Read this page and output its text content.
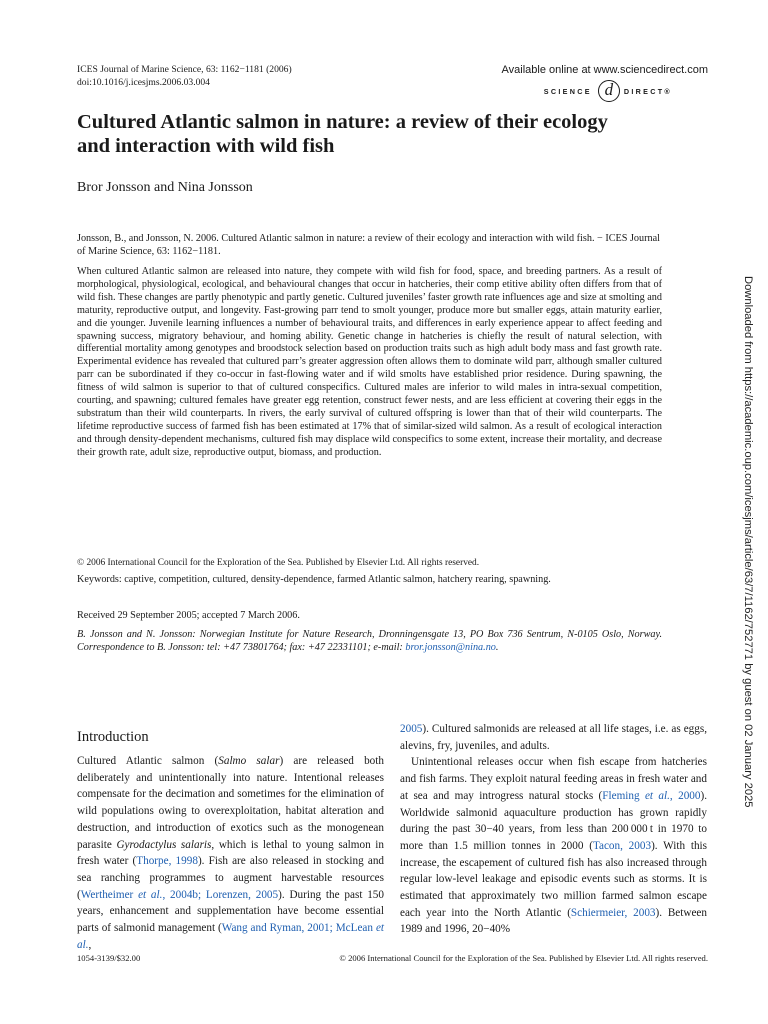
ICES Journal of Marine Science, 63: 1162−1181 (2006)
doi:10.1016/j.icesjms.2006.03.004
Available online at www.sciencedirect.com
SCIENCE d	DIRECT®
Cultured Atlantic salmon in nature: a review of their ecology and interaction with wild fish
Bror Jonsson and Nina Jonsson
Jonsson, B., and Jonsson, N. 2006. Cultured Atlantic salmon in nature: a review of their ecology and interaction with wild fish. − ICES Journal of Marine Science, 63: 1162−1181.
When cultured Atlantic salmon are released into nature, they compete with wild fish for food, space, and breeding partners. As a result of morphological, physiological, ecological, and behavioural changes that occur in hatcheries, their comp etitive ability often differs from that of wild fish. These changes are partly phenotypic and partly genetic. Cultured juveniles’ faster growth rate influences age and size at smolting and maturity, reproductive output, and longevity. Fast-growing parr tend to smolt younger, produce more but smaller eggs, attain maturity earlier, and die younger. Juvenile learning influences a number of behavioural traits, and differences in early experience appear to affect feeding and spawning success, migratory behaviour, and homing ability. Genetic change in hatcheries is chiefly the result of natural selection, with differential mortality among genotypes and broodstock selection based on production traits such as high adult body mass and fast growth rate. Experimental evidence has revealed that cultured parr’s greater aggression often allows them to dominate wild parr, although smaller cultured parr can be subordinated if they co-occur in fast-flowing water and if wild smolts have established prior residence. During spawning, the fitness of wild salmon is superior to that of cultured conspecifics. Cultured males are inferior to wild males in intra-sexual competition, courting, and spawning; cultured females have greater egg retention, construct fewer nests, and are less efficient at covering their eggs in the substratum than their wild counterparts. In rivers, the early survival of cultured offspring is lower than that of their wild counterparts. The lifetime reproductive success of farmed fish has been estimated at 17% that of similar-sized wild salmon. As a result of ecological interaction and through density-dependent mechanisms, cultured fish may displace wild conspecifics to some extent, increase their mortality, and decrease their growth rate, adult size, reproductive output, biomass, and production.
© 2006 International Council for the Exploration of the Sea. Published by Elsevier Ltd. All rights reserved.
Keywords: captive, competition, cultured, density-dependence, farmed Atlantic salmon, hatchery rearing, spawning.
Received 29 September 2005; accepted 7 March 2006.
B. Jonsson and N. Jonsson: Norwegian Institute for Nature Research, Dronningensgate 13, PO Box 736 Sentrum, N-0105 Oslo, Norway. Correspondence to B. Jonsson: tel: +47 73801764; fax: +47 22331101; e-mail: bror.jonsson@nina.no.
Introduction

Cultured Atlantic salmon (Salmo salar) are released both deliberately and unintentionally into nature. Intentional releases compensate for the decimation and sometimes for the elimination of wild populations owing to overexploitation, habitat alteration and destruction, and introduction of exotics such as the monogenean parasite Gyrodactylus salaris, which is lethal to young salmon in fresh water (Thorpe, 1998). Fish are also released in stocking and sea ranching programmes to augment harvestable resources (Wertheimer et al., 2004b; Lorenzen, 2005). During the past 150 years, enhancement and supplementation have become essential parts of salmonid management (Wang and Ryman, 2001; McLean et al.,

2005). Cultured salmonids are released at all life stages, i.e. as eggs, alevins, fry, juveniles, and adults.

Unintentional releases occur when fish escape from hatcheries and fish farms. They exploit natural feeding areas in fresh water and at sea and may introgress natural stocks (Fleming et al., 2000). Worldwide salmonid aquaculture production has grown rapidly during the past 30−40 years, from less than 200 000 t in 1970 to more than 1.5 million tonnes in 2000 (Tacon, 2003). With this increase, the escapement of cultured fish has also increased through regular low-level leakage and episodic events such as storms. It is estimated that approximately two million farmed salmon escape each year into the North Atlantic (Schiermeier, 2003). Between 1989 and 1996, 20−40%

1054-3139/$32.00	© 2006 International Council for the Exploration of the Sea. Published by Elsevier Ltd. All rights reserved.
Downloaded from https://academic.oup.com/icesjms/article/63/7/1162/752771 by guest on 02 January 2025
